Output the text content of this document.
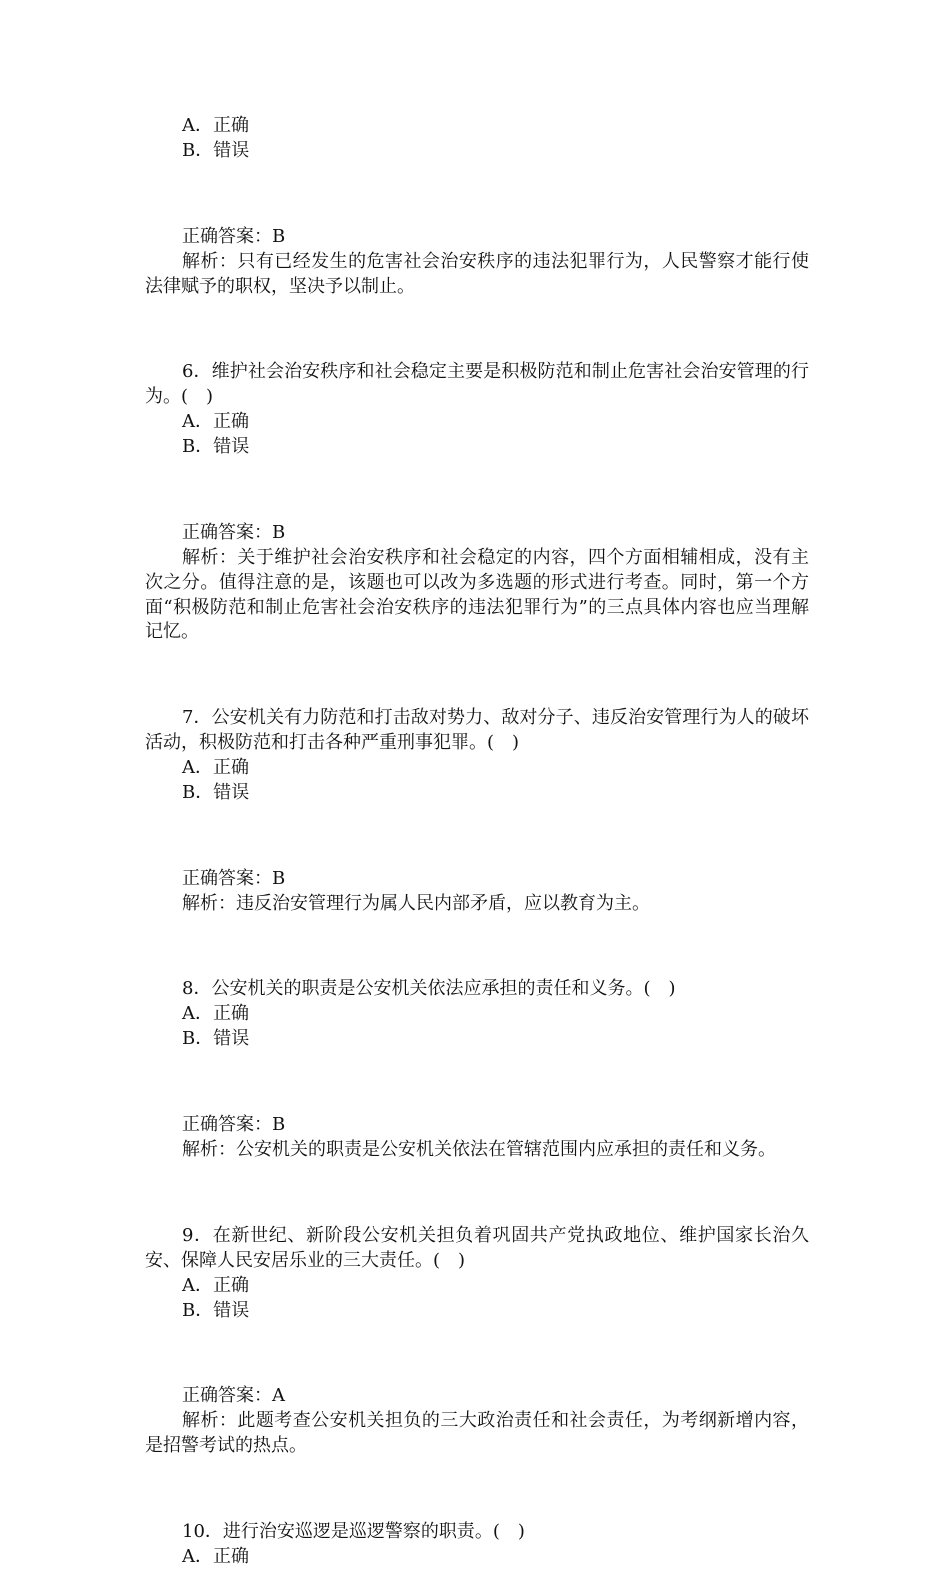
A．正确

B．错误

正确答案：B

解析：只有已经发生的危害社会治安秩序的违法犯罪行为，人民警察才能行使法律赋予的职权，坚决予以制止。

6．维护社会治安秩序和社会稳定主要是积极防范和制止危害社会治安管理的行为。(　)

A．正确

B．错误

正确答案：B

解析：关于维护社会治安秩序和社会稳定的内容，四个方面相辅相成，没有主次之分。值得注意的是，该题也可以改为多选题的形式进行考查。同时，第一个方面“积极防范和制止危害社会治安秩序的违法犯罪行为”的三点具体内容也应当理解记忆。

7．公安机关有力防范和打击敌对势力、敌对分子、违反治安管理行为人的破坏活动，积极防范和打击各种严重刑事犯罪。(　)

A．正确

B．错误

正确答案：B

解析：违反治安管理行为属人民内部矛盾，应以教育为主。

8．公安机关的职责是公安机关依法应承担的责任和义务。(　)

A．正确

B．错误

正确答案：B

解析：公安机关的职责是公安机关依法在管辖范围内应承担的责任和义务。

9．在新世纪、新阶段公安机关担负着巩固共产党执政地位、维护国家长治久安、保障人民安居乐业的三大责任。(　)

A．正确

B．错误

正确答案：A

解析：此题考查公安机关担负的三大政治责任和社会责任，为考纲新增内容，是招警考试的热点。

10．进行治安巡逻是巡逻警察的职责。(　)

A．正确
